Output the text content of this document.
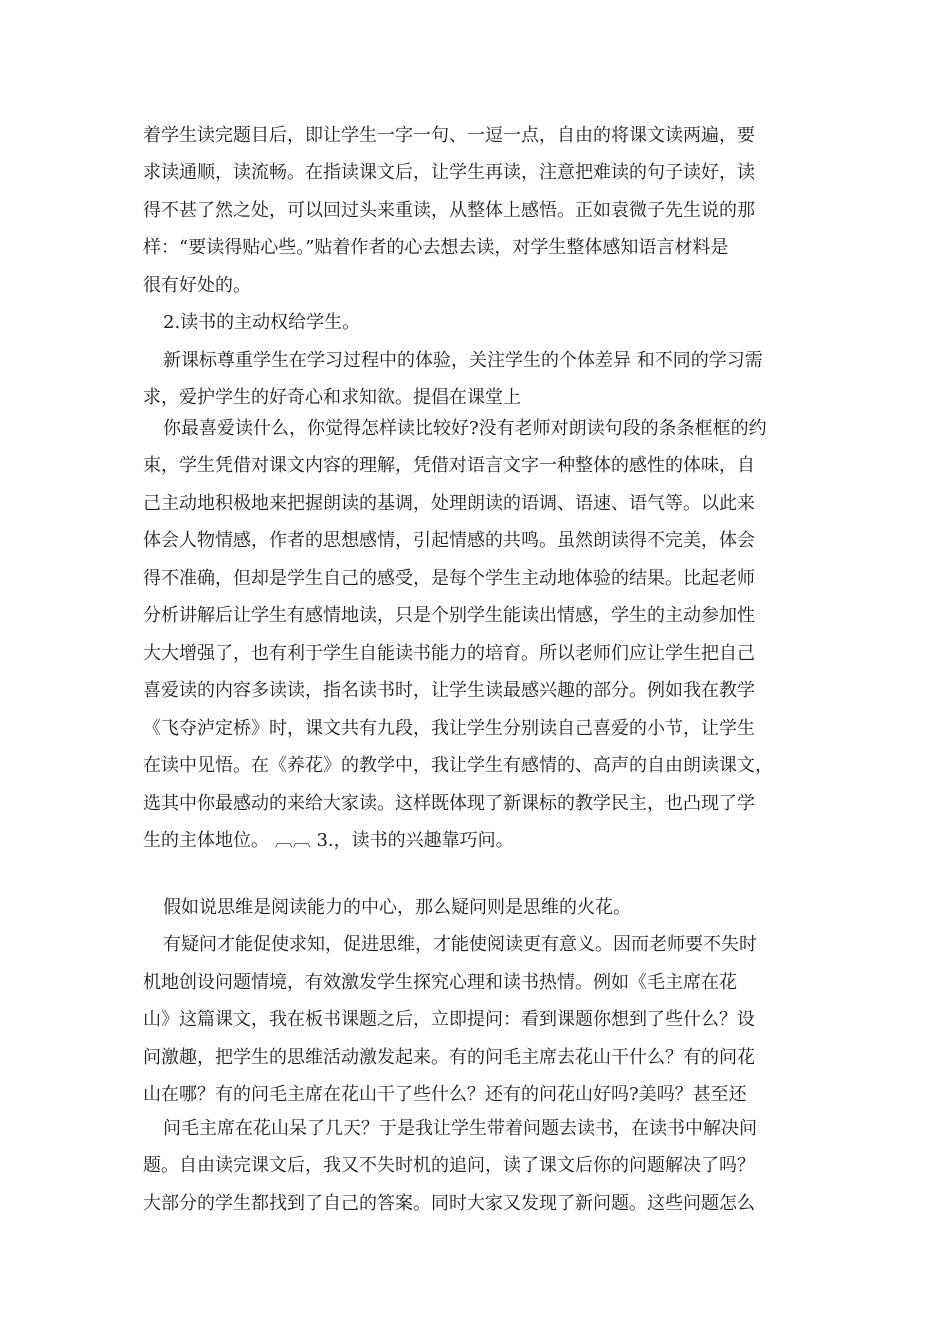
着学生读完题目后，即让学生一字一句、一逗一点，自由的将课文读两遍，要
求读通顺，读流畅。在指读课文后，让学生再读，注意把难读的句子读好，读
得不甚了然之处，可以回过头来重读，从整体上感悟。正如袁微子先生说的那
样：“要读得贴心些。”贴着作者的心去想去读，对学生整体感知语言材料是
很有好处的。
2.读书的主动权给学生。
新课标尊重学生在学习过程中的体验，关注学生的个体差异 和不同的学习需
求，爱护学生的好奇心和求知欲。提倡在课堂上
你最喜爱读什么，你觉得怎样读比较好?没有老师对朗读句段的条条框框的约
束，学生凭借对课文内容的理解，凭借对语言文字一种整体的感性的体味，自
己主动地积极地来把握朗读的基调，处理朗读的语调、语速、语气等。以此来
体会人物情感，作者的思想感情，引起情感的共鸣。虽然朗读得不完美，体会
得不准确，但却是学生自己的感受，是每个学生主动地体验的结果。比起老师
分析讲解后让学生有感情地读，只是个别学生能读出情感，学生的主动参加性
大大增强了，也有利于学生自能读书能力的培育。所以老师们应让学生把自己
喜爱读的内容多读读，指名读书时，让学生读最感兴趣的部分。例如我在教学
《飞夺泸定桥》时，课文共有九段，我让学生分别读自己喜爱的小节，让学生
在读中见悟。在《养花》的教学中，我让学生有感情的、高声的自由朗读课文，
选其中你最感动的来给大家读。这样既体现了新课标的教学民主，也凸现了学
生的主体地位。 ︹︹ 3.，读书的兴趣靠巧问。
假如说思维是阅读能力的中心，那么疑问则是思维的火花。
有疑问才能促使求知，促进思维，才能使阅读更有意义。因而老师要不失时
机地创设问题情境，有效激发学生探究心理和读书热情。例如《毛主席在花
山》这篇课文，我在板书课题之后，立即提问：看到课题你想到了些什么？设
问激趣，把学生的思维活动激发起来。有的问毛主席去花山干什么？有的问花
山在哪？有的问毛主席在花山干了些什么？还有的问花山好吗?美吗？甚至还
问毛主席在花山呆了几天？于是我让学生带着问题去读书，在读书中解决问
题。自由读完课文后，我又不失时机的追问，读了课文后你的问题解决了吗？
大部分的学生都找到了自己的答案。同时大家又发现了新问题。这些问题怎么
